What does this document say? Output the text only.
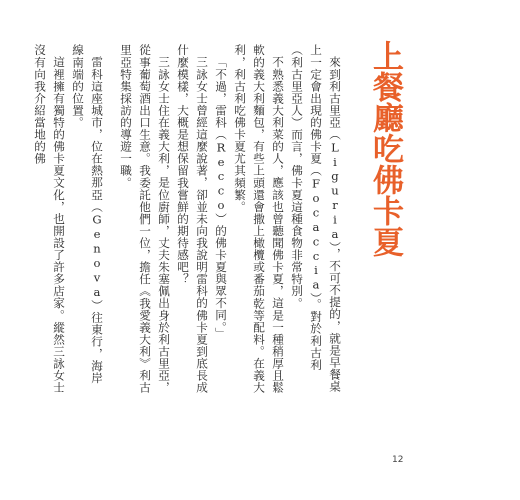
上餐廳吃佛卡夏

來到利古里亞（Liguria），不可不提的，就是早餐桌上一定會出現的佛卡夏（Focaccia）。對於利古利（利古里亞人）而言，佛卡夏這種食物非常特別。

不熟悉義大利菜的人，應該也曾聽聞佛卡夏，這是一種稍厚且鬆軟的義大利麵包，有些上頭還會撒上橄欖或番茄乾等配料。在義大利，利古利吃佛卡夏尤其頻繁。

「不過，雷科（Recco）的佛卡夏與眾不同。」

三詠女士曾經這麼說著，卻並未向我說明雷科的佛卡夏到底長成什麼模樣，大概是想保留我嘗鮮的期待感吧？

三詠女士住在義大利，是位廚師，丈夫朱塞佩出身於利古里亞，從事葡萄酒出口生意。我委託他們一位，擔任《我愛義大利》利古里亞特集採訪的導遊一職。

雷科這座城市，位在熱那亞（Genova）往東行，海岸線南端的位置。

這裡擁有獨特的佛卡夏文化，也開設了許多店家。縱然三詠女士沒有向我介紹當地的佛

12
